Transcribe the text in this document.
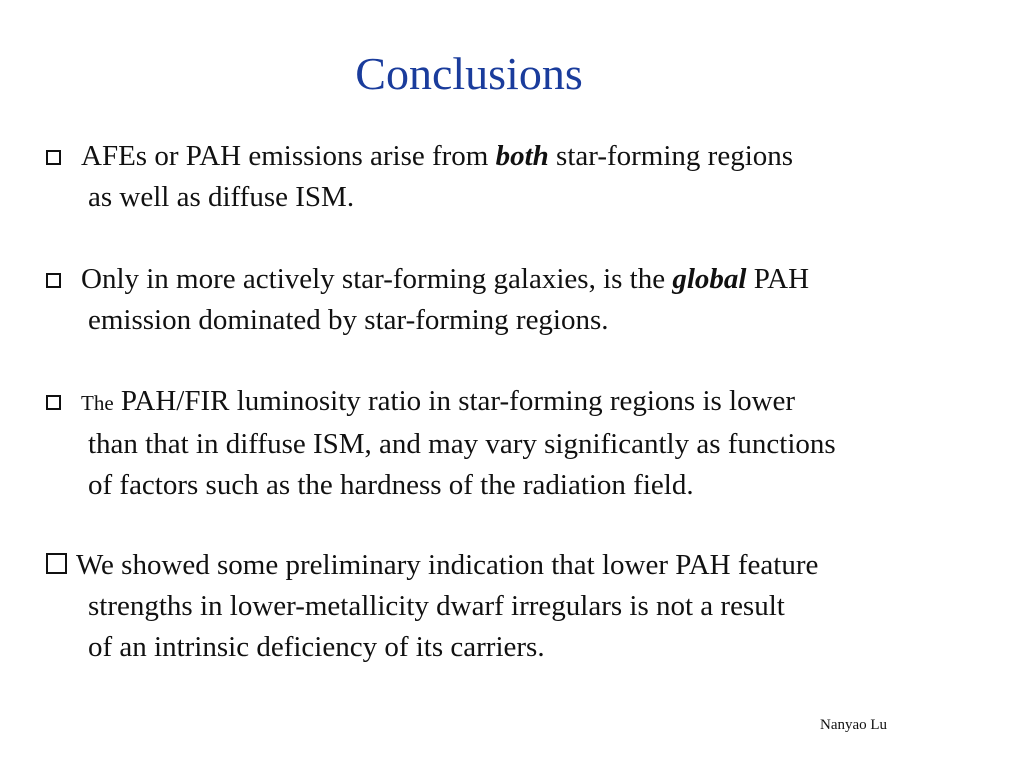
Conclusions
AFEs or PAH emissions arise from both star-forming regions
as well as diffuse ISM.
Only in more actively star-forming galaxies, is the global PAH
emission dominated by star-forming regions.
The PAH/FIR luminosity ratio in star-forming regions is lower
than that in diffuse ISM, and may vary significantly as functions
of factors such as the hardness of the radiation field.
We showed some preliminary indication that lower PAH feature
strengths in lower-metallicity dwarf irregulars is not a result
of an intrinsic deficiency of its carriers.
Nanyao Lu
